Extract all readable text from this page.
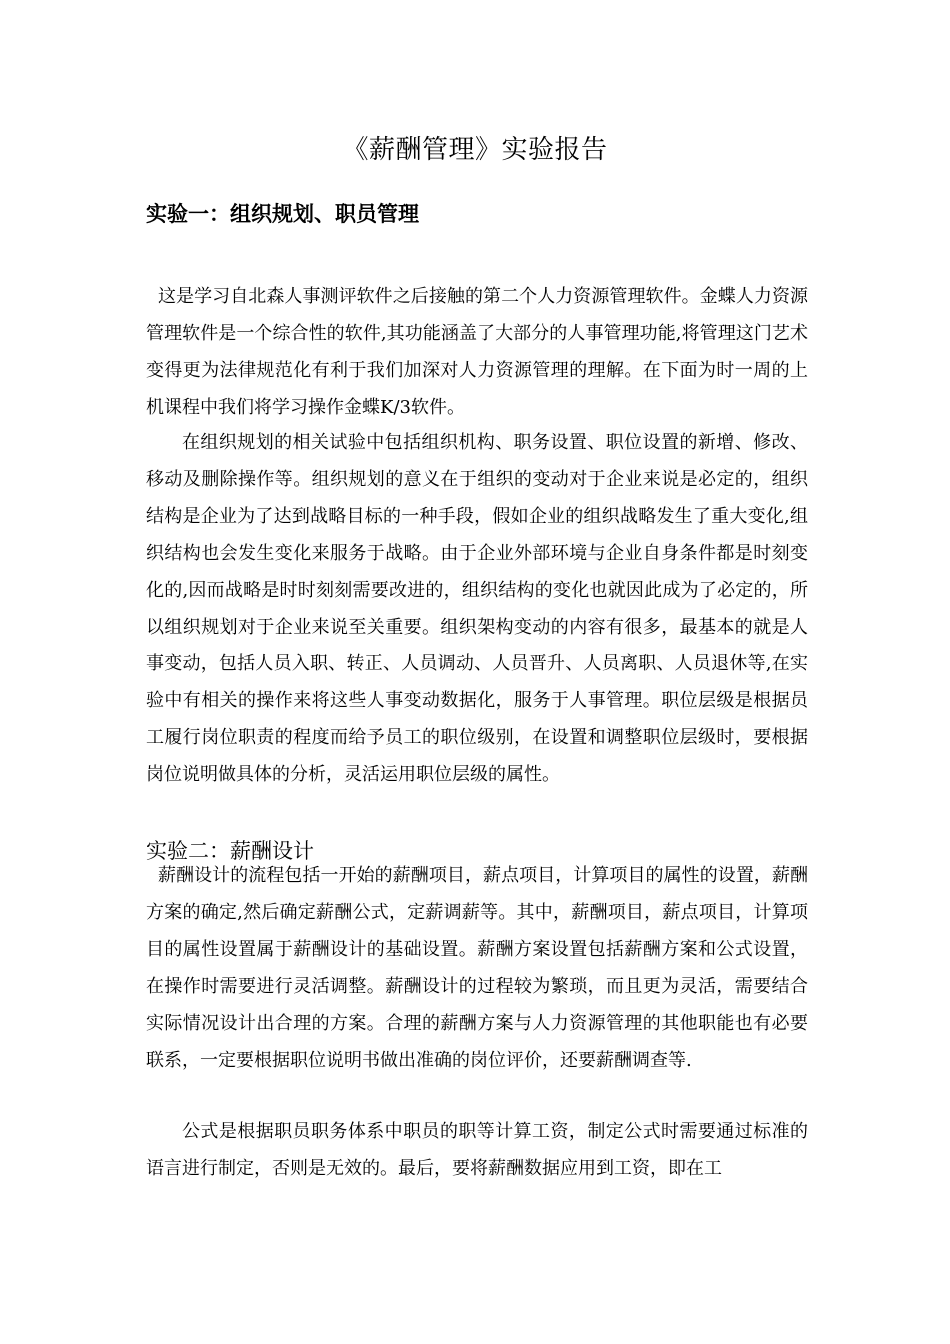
《薪酬管理》实验报告
实验一：组织规划、职员管理

这是学习自北森人事测评软件之后接触的第二个人力资源管理软件。金蝶人力资源管理软件是一个综合性的软件,其功能涵盖了大部分的人事管理功能,将管理这门艺术变得更为法律规范化有利于我们加深对人力资源管理的理解。在下面为时一周的上机课程中我们将学习操作金蝶K/3软件。

在组织规划的相关试验中包括组织机构、职务设置、职位设置的新增、修改、移动及删除操作等。组织规划的意义在于组织的变动对于企业来说是必定的，组织结构是企业为了达到战略目标的一种手段，假如企业的组织战略发生了重大变化,组织结构也会发生变化来服务于战略。由于企业外部环境与企业自身条件都是时刻变化的,因而战略是时时刻刻需要改进的，组织结构的变化也就因此成为了必定的，所以组织规划对于企业来说至关重要。组织架构变动的内容有很多，最基本的就是人事变动，包括人员入职、转正、人员调动、人员晋升、人员离职、人员退休等,在实验中有相关的操作来将这些人事变动数据化，服务于人事管理。职位层级是根据员工履行岗位职责的程度而给予员工的职位级别，在设置和调整职位层级时，要根据岗位说明做具体的分析，灵活运用职位层级的属性。

实验二：薪酬设计

薪酬设计的流程包括一开始的薪酬项目，薪点项目，计算项目的属性的设置，薪酬方案的确定,然后确定薪酬公式，定薪调薪等。其中，薪酬项目，薪点项目，计算项目的属性设置属于薪酬设计的基础设置。薪酬方案设置包括薪酬方案和公式设置，在操作时需要进行灵活调整。薪酬设计的过程较为繁琐，而且更为灵活，需要结合实际情况设计出合理的方案。合理的薪酬方案与人力资源管理的其他职能也有必要联系，一定要根据职位说明书做出准确的岗位评价，还要薪酬调查等.

公式是根据职员职务体系中职员的职等计算工资，制定公式时需要通过标准的语言进行制定，否则是无效的。最后，要将薪酬数据应用到工资，即在工
